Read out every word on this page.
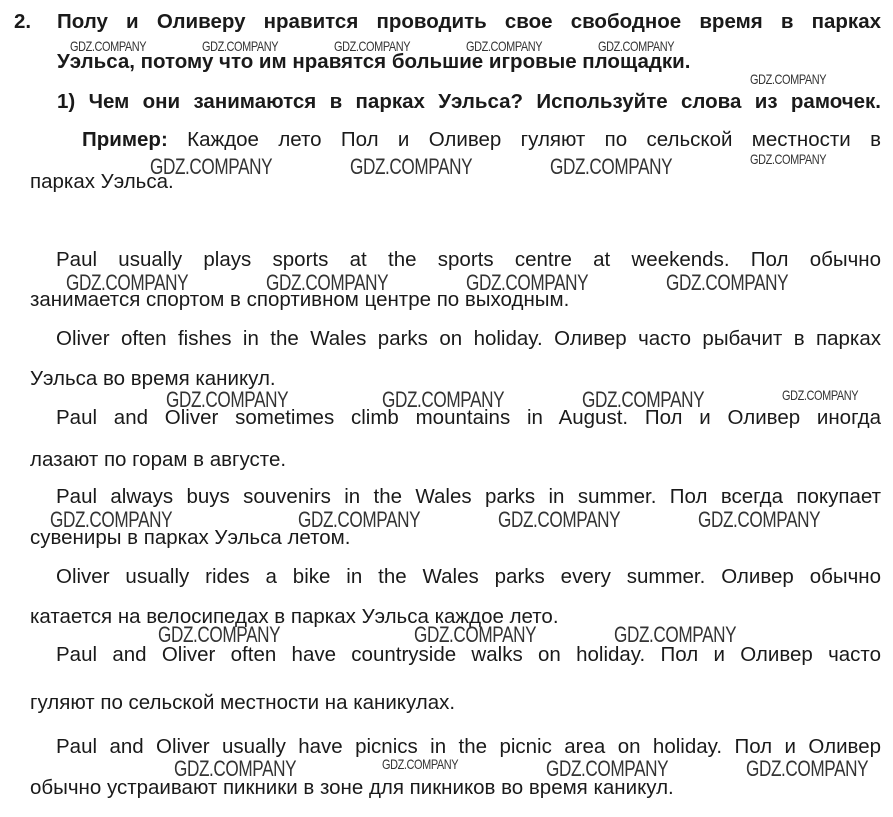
2. Полу и Оливеру нравится проводить свое свободное время в парках
Уэльса, потому что им нравятся большие игровые площадки.
1) Чем они занимаются в парках Уэльса? Используйте слова из рамочек.
Пример: Каждое лето Пол и Оливер гуляют по сельской местности в
парках Уэльса.
Paul usually plays sports at the sports centre at weekends. Пол обычно
занимается спортом в спортивном центре по выходным.
Oliver often fishes in the Wales parks on holiday. Оливер часто рыбачит в парках
Уэльса во время каникул.
Paul and Oliver sometimes climb mountains in August. Пол и Оливер иногда
лазают по горам в августе.
Paul always buys souvenirs in the Wales parks in summer. Пол всегда покупает
сувениры в парках Уэльса летом.
Oliver usually rides a bike in the Wales parks every summer. Оливер обычно
катается на велосипедах в парках Уэльса каждое лето.
Paul and Oliver often have countryside walks on holiday. Пол и Оливер часто
гуляют по сельской местности на каникулах.
Paul and Oliver usually have picnics in the picnic area on holiday. Пол и Оливер
обычно устраивают пикники в зоне для пикников во время каникул.
GDZ.COMPANY	GDZ.COMPANY	GDZ.COMPANY	GDZ.COMPANY	GDZ.COMPANY
GDZ.COMPANY
GDZ.COMPANY
GDZ.COMPANY	GDZ.COMPANY	GDZ.COMPANY
GDZ.COMPANY	GDZ.COMPANY	GDZ.COMPANY	GDZ.COMPANY
GDZ.COMPANY	GDZ.COMPANY	GDZ.COMPANY	GDZ.COMPANY
GDZ.COMPANY	GDZ.COMPANY	GDZ.COMPANY	GDZ.COMPANY
GDZ.COMPANY	GDZ.COMPANY	GDZ.COMPANY
GDZ.COMPANY	GDZ.COMPANY	GDZ.COMPANY	GDZ.COMPANY
